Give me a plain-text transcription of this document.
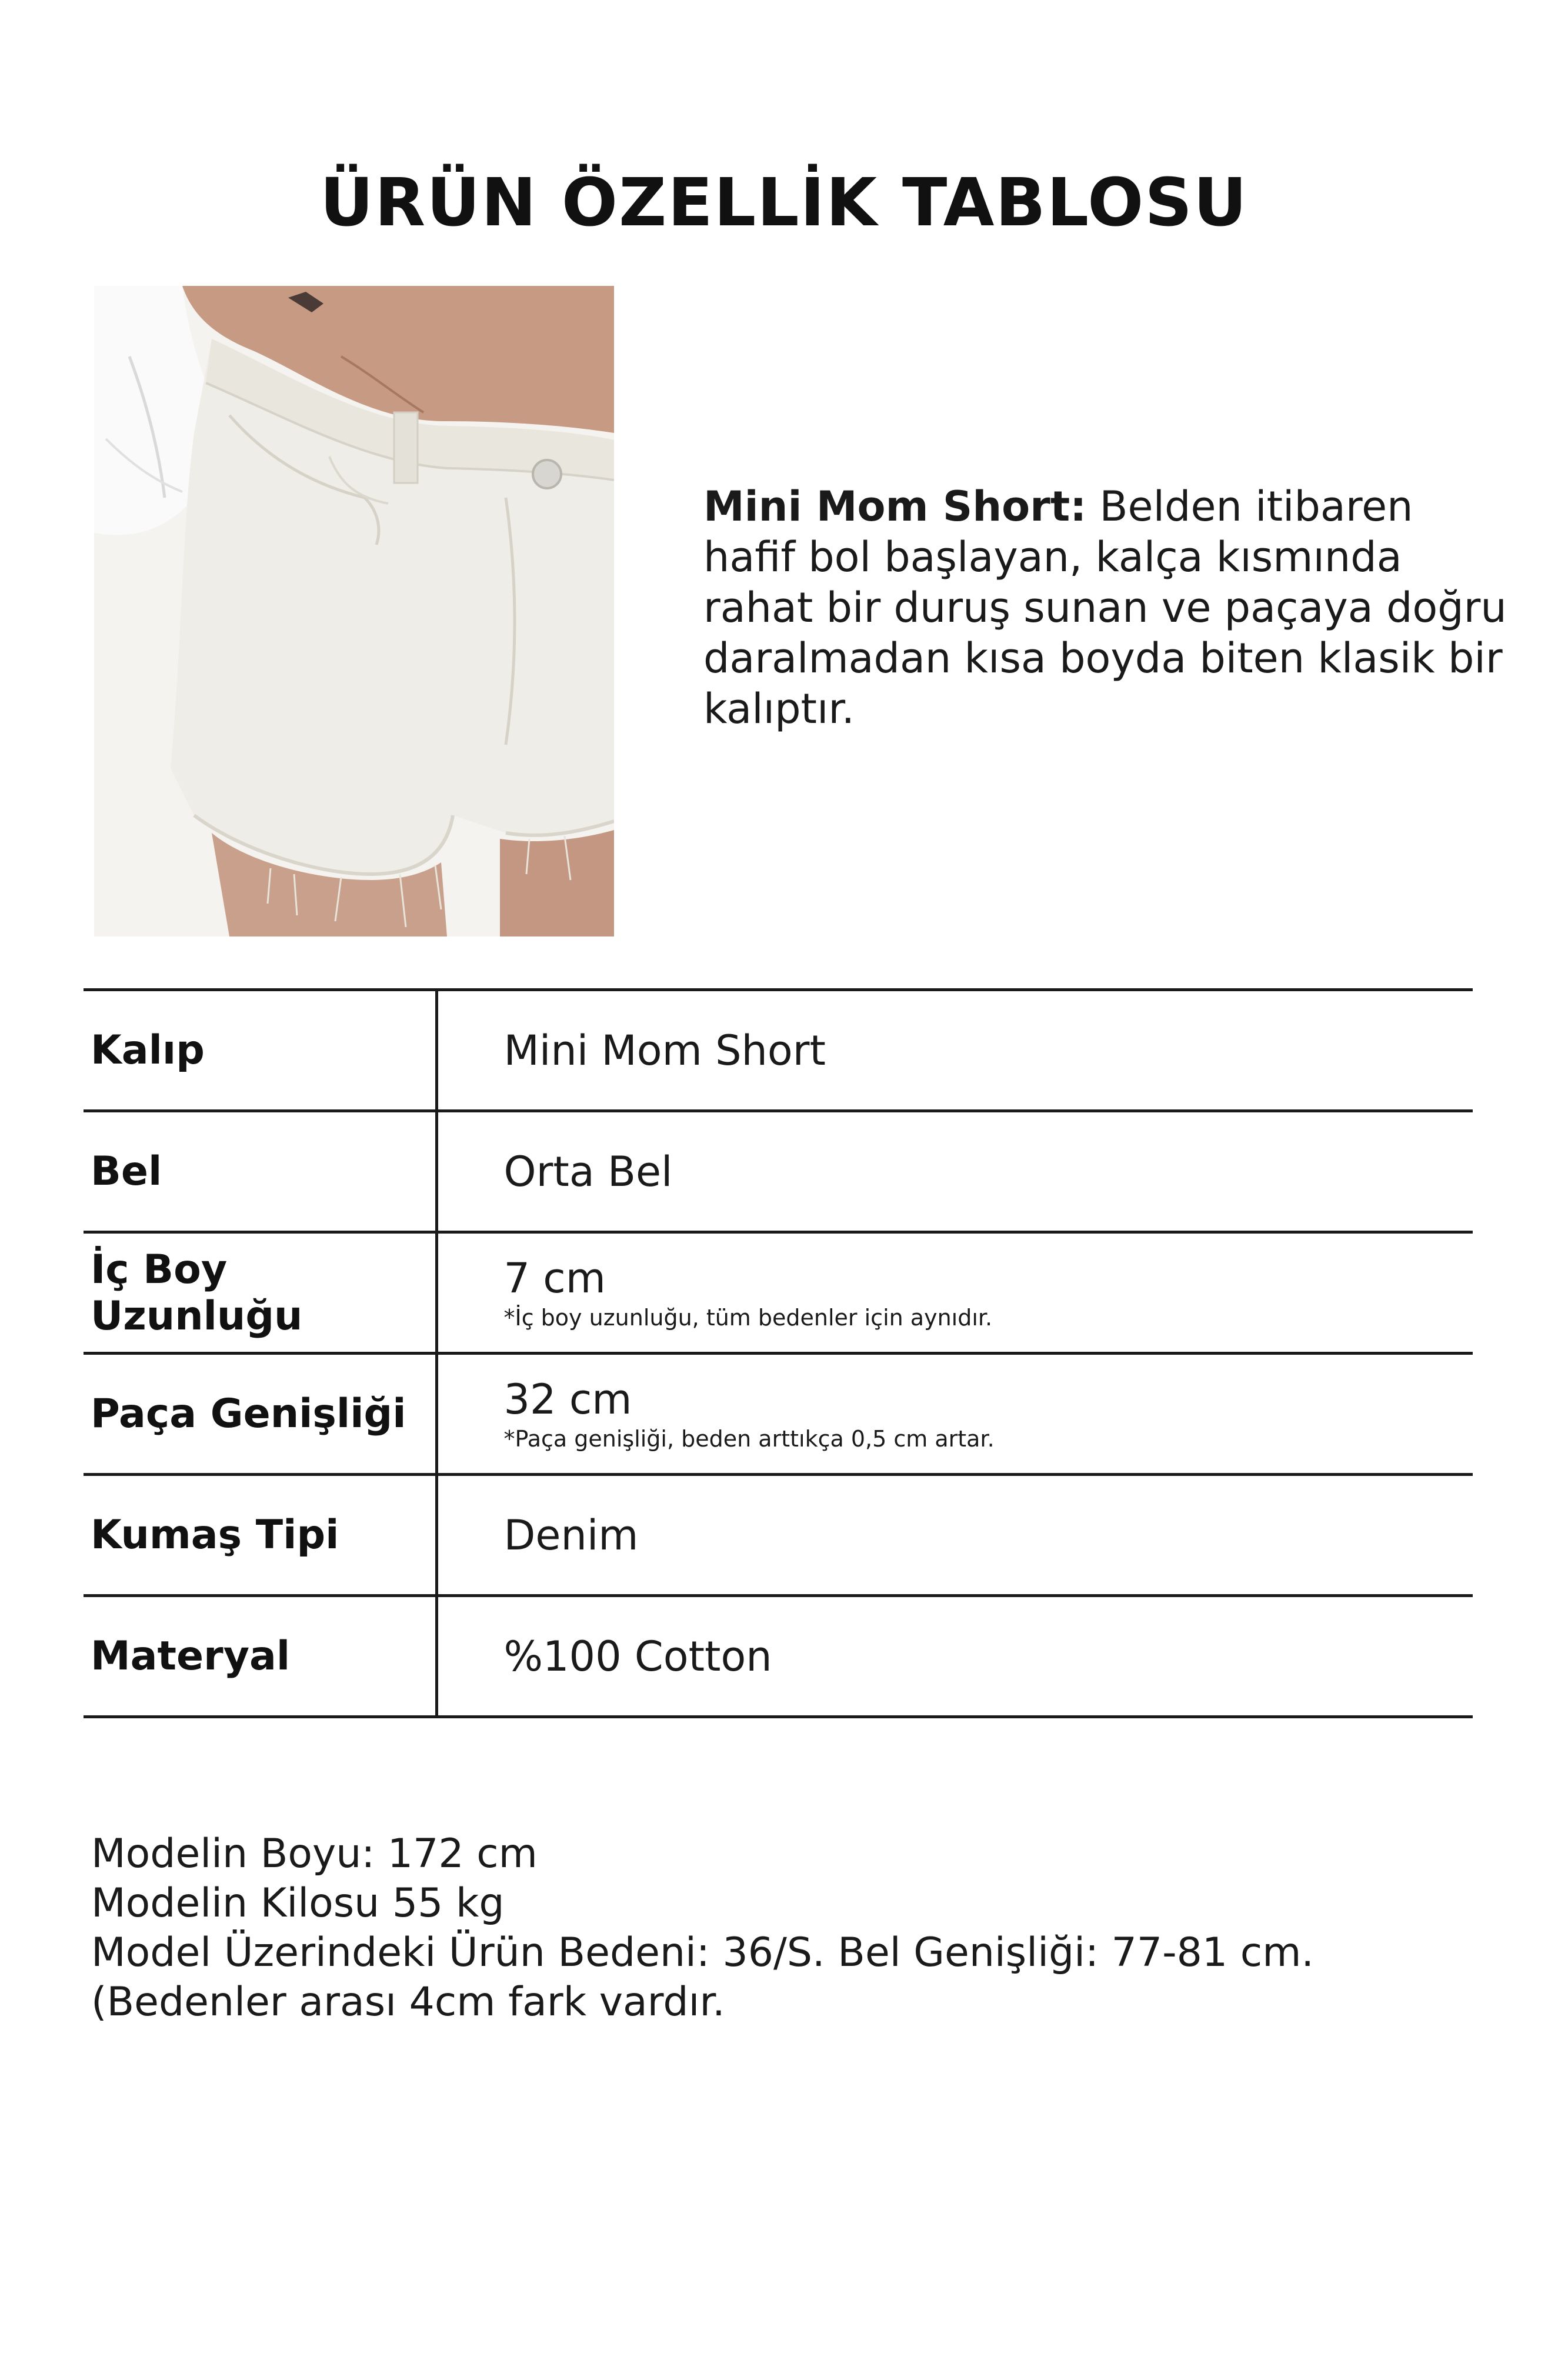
ÜRÜN ÖZELLİK TABLOSU
Mini Mom Short: Belden itibaren hafif bol başlayan, kalça kısmında rahat bir duruş sunan ve paçaya doğru daralmadan kısa boyda biten klasik bir kalıptır.
Kalıp	Mini Mom Short

Bel	Orta Bel

İç Boy Uzunluğu	7 cm
*İç boy uzunluğu, tüm bedenler için aynıdır.

Paça Genişliği	32 cm
*Paça genişliği, beden arttıkça 0,5 cm artar.

Kumaş Tipi	Denim

Materyal	%100 Cotton

Modelin Boyu: 172 cm

Modelin Kilosu 55 kg

Model Üzerindeki Ürün Bedeni: 36/S. Bel Genişliği: 77-81 cm. (Bedenler arası 4cm fark vardır.
